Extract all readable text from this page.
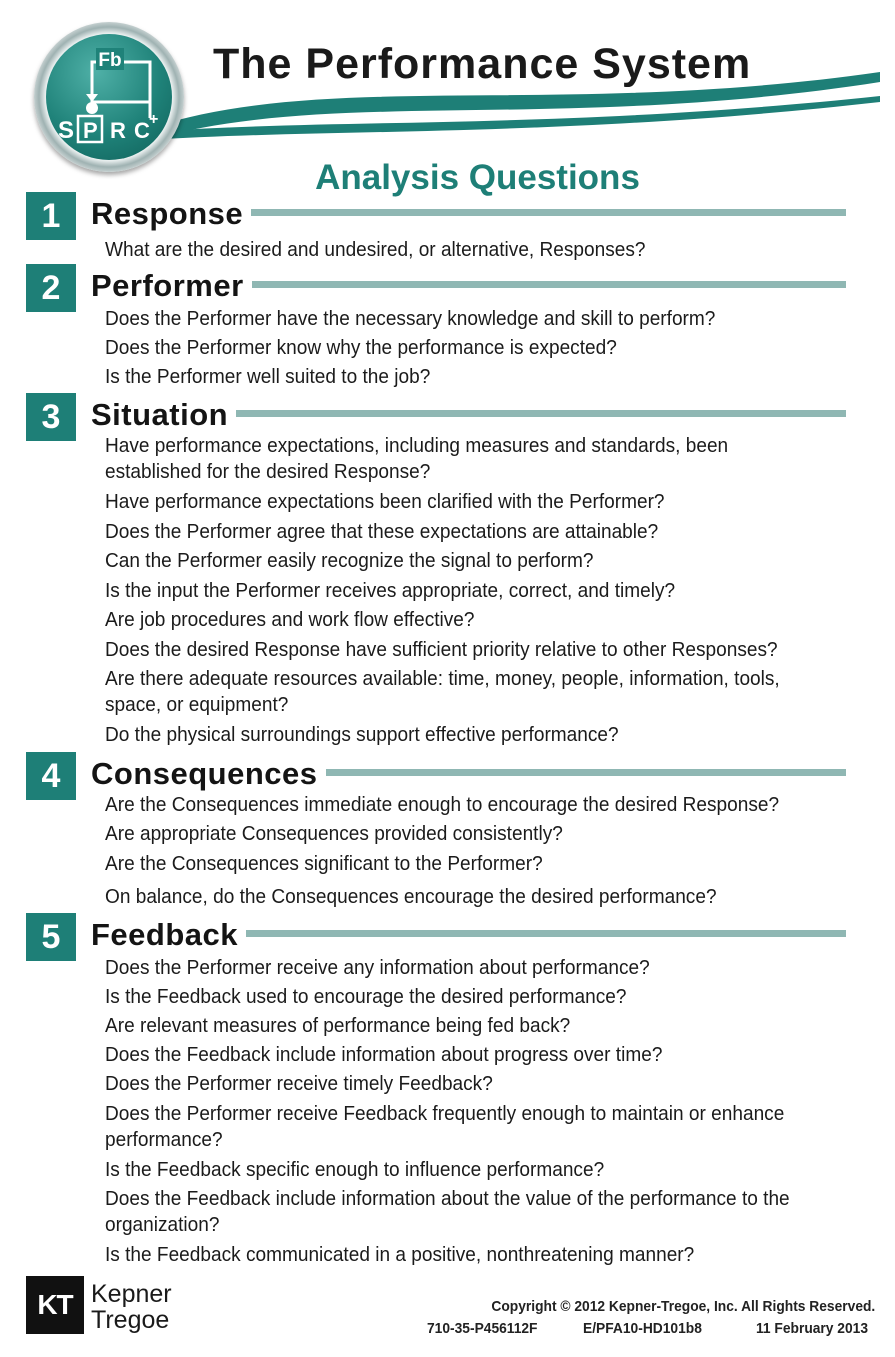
Fb
S P R C +
The Performance System
Analysis Questions
1 Response

What are the desired and undesired, or alternative, Responses?

2 Performer

Does the Performer have the necessary knowledge and skill to perform?

Does the Performer know why the performance is expected?

Is the Performer well suited to the job?

3 Situation

Have performance expectations, including measures and standards, been established for the desired Response?

Have performance expectations been clarified with the Performer?

Does the Performer agree that these expectations are attainable?

Can the Performer easily recognize the signal to perform?

Is the input the Performer receives appropriate, correct, and timely?

Are job procedures and work flow effective?

Does the desired Response have sufficient priority relative to other Responses?

Are there adequate resources available: time, money, people, information, tools, space, or equipment?

Do the physical surroundings support effective performance?

4 Consequences

Are the Consequences immediate enough to encourage the desired Response?

Are appropriate Consequences provided consistently?

Are the Consequences significant to the Performer?

On balance, do the Consequences encourage the desired performance?

5 Feedback

Does the Performer receive any information about performance?

Is the Feedback used to encourage the desired performance?

Are relevant measures of performance being fed back?

Does the Feedback include information about progress over time?

Does the Performer receive timely Feedback?

Does the Performer receive Feedback frequently enough to maintain or enhance performance?

Is the Feedback specific enough to influence performance?

Does the Feedback include information about the value of the performance to the organization?

Is the Feedback communicated in a positive, nonthreatening manner?

KT Kepner
Tregoe	Copyright © 2012 Kepner-Tregoe, Inc. All Rights Reserved.

710-35-P456112F	E/PFA10-HD101b8	11 February 2013
